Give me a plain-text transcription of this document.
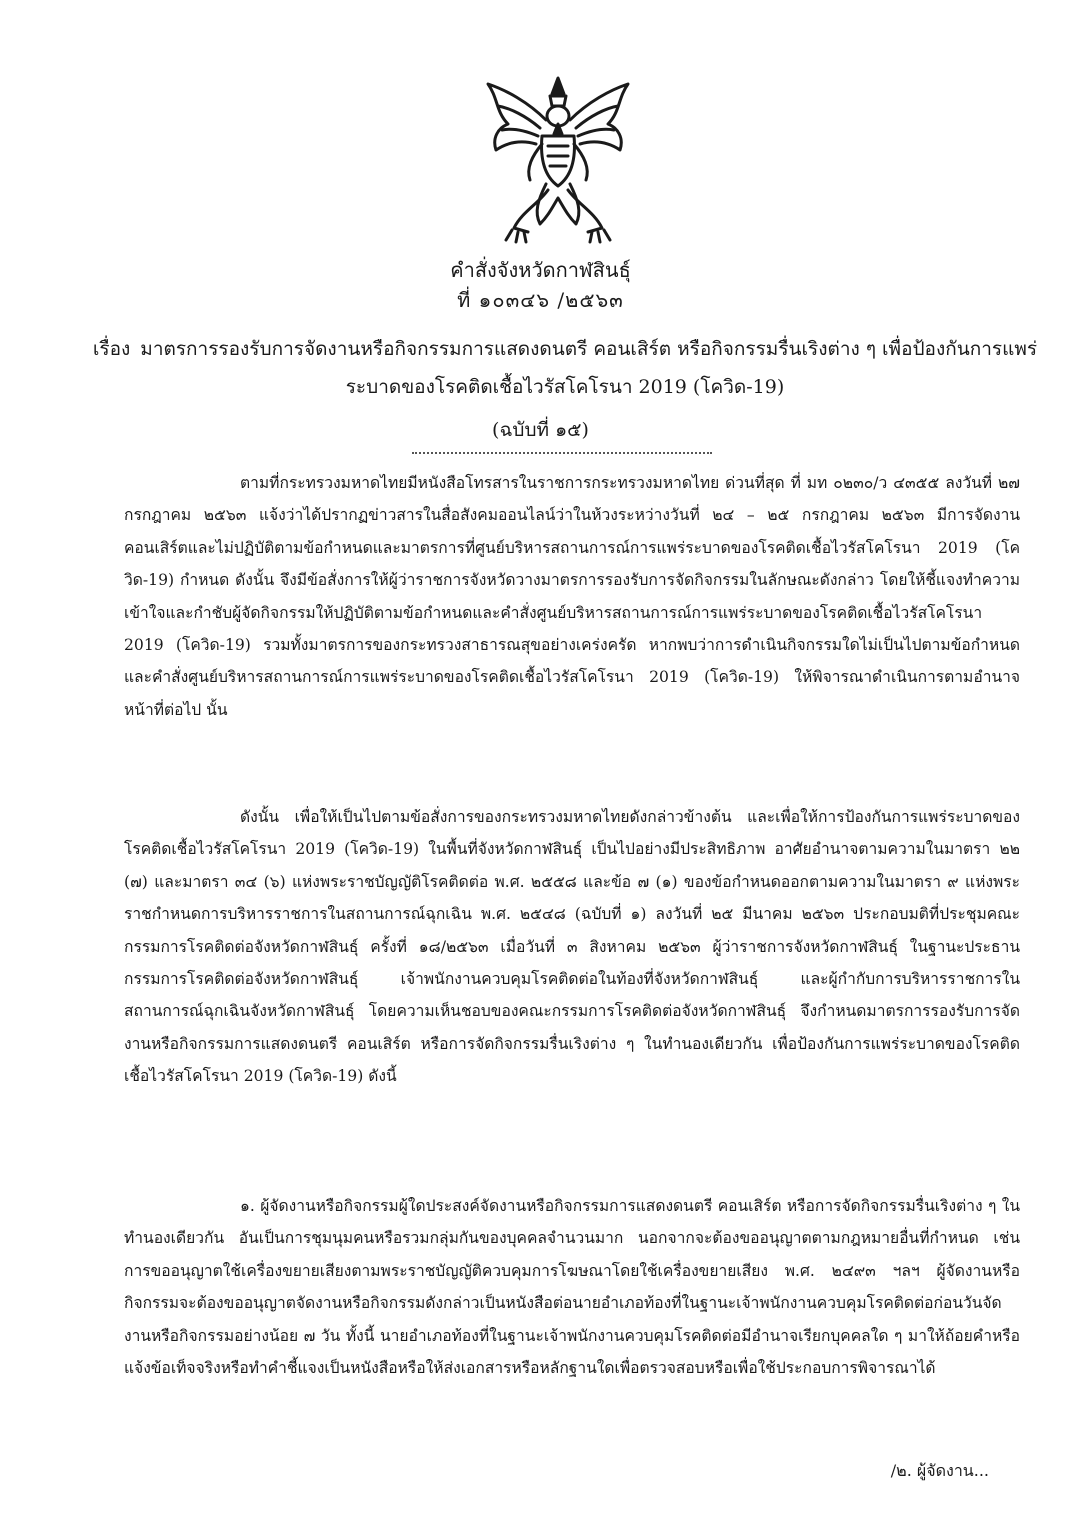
คำสั่งจังหวัดกาฬสินธุ์
ที่ ๑๐๓๔๖ /๒๕๖๓
เรื่อง มาตรการรองรับการจัดงานหรือกิจกรรมการแสดงดนตรี คอนเสิร์ต หรือกิจกรรมรื่นเริงต่าง ๆ เพื่อป้องกันการแพร่ระบาดของโรคติดเชื้อไวรัสโคโรนา 2019 (โควิด-19)
(ฉบับที่ ๑๕)

ตามที่กระทรวงมหาดไทยมีหนังสือโทรสารในราชการกระทรวงมหาดไทย ด่วนที่สุด ที่ มท ๐๒๓๐/ว ๔๓๕๕ ลงวันที่ ๒๗ กรกฎาคม ๒๕๖๓ แจ้งว่าได้ปรากฏข่าวสารในสื่อสังคมออนไลน์ว่าในห้วงระหว่างวันที่ ๒๔ – ๒๕ กรกฎาคม ๒๕๖๓ มีการจัดงานคอนเสิร์ตและไม่ปฏิบัติตามข้อกำหนดและมาตรการที่ศูนย์บริหารสถานการณ์การแพร่ระบาดของโรคติดเชื้อไวรัสโคโรนา 2019 (โควิด-19) กำหนด ดังนั้น จึงมีข้อสั่งการให้ผู้ว่าราชการจังหวัดวางมาตรการรองรับการจัดกิจกรรมในลักษณะดังกล่าว โดยให้ชี้แจงทำความเข้าใจและกำชับผู้จัดกิจกรรมให้ปฏิบัติตามข้อกำหนดและคำสั่งศูนย์บริหารสถานการณ์การแพร่ระบาดของโรคติดเชื้อไวรัสโคโรนา 2019 (โควิด-19) รวมทั้งมาตรการของกระทรวงสาธารณสุขอย่างเคร่งครัด หากพบว่าการดำเนินกิจกรรมใดไม่เป็นไปตามข้อกำหนดและคำสั่งศูนย์บริหารสถานการณ์การแพร่ระบาดของโรคติดเชื้อไวรัสโคโรนา 2019 (โควิด-19) ให้พิจารณาดำเนินการตามอำนาจหน้าที่ต่อไป นั้น

ดังนั้น เพื่อให้เป็นไปตามข้อสั่งการของกระทรวงมหาดไทยดังกล่าวข้างต้น และเพื่อให้การป้องกันการแพร่ระบาดของโรคติดเชื้อไวรัสโคโรนา 2019 (โควิด-19) ในพื้นที่จังหวัดกาฬสินธุ์ เป็นไปอย่างมีประสิทธิภาพ อาศัยอำนาจตามความในมาตรา ๒๒ (๗) และมาตรา ๓๔ (๖) แห่งพระราชบัญญัติโรคติดต่อ พ.ศ. ๒๕๕๘ และข้อ ๗ (๑) ของข้อกำหนดออกตามความในมาตรา ๙ แห่งพระราชกำหนดการบริหารราชการในสถานการณ์ฉุกเฉิน พ.ศ. ๒๕๔๘ (ฉบับที่ ๑) ลงวันที่ ๒๕ มีนาคม ๒๕๖๓ ประกอบมติที่ประชุมคณะกรรมการโรคติดต่อจังหวัดกาฬสินธุ์ ครั้งที่ ๑๘/๒๕๖๓ เมื่อวันที่ ๓ สิงหาคม ๒๕๖๓ ผู้ว่าราชการจังหวัดกาฬสินธุ์ ในฐานะประธานกรรมการโรคติดต่อจังหวัดกาฬสินธุ์ เจ้าพนักงานควบคุมโรคติดต่อในท้องที่จังหวัดกาฬสินธุ์ และผู้กำกับการบริหารราชการในสถานการณ์ฉุกเฉินจังหวัดกาฬสินธุ์ โดยความเห็นชอบของคณะกรรมการโรคติดต่อจังหวัดกาฬสินธุ์ จึงกำหนดมาตรการรองรับการจัดงานหรือกิจกรรมการแสดงดนตรี คอนเสิร์ต หรือการจัดกิจกรรมรื่นเริงต่าง ๆ ในทำนองเดียวกัน เพื่อป้องกันการแพร่ระบาดของโรคติดเชื้อไวรัสโคโรนา 2019 (โควิด-19) ดังนี้

๑. ผู้จัดงานหรือกิจกรรมผู้ใดประสงค์จัดงานหรือกิจกรรมการแสดงดนตรี คอนเสิร์ต หรือการจัดกิจกรรมรื่นเริงต่าง ๆ ในทำนองเดียวกัน อันเป็นการชุมนุมคนหรือรวมกลุ่มกันของบุคคลจำนวนมาก นอกจากจะต้องขออนุญาตตามกฎหมายอื่นที่กำหนด เช่น การขออนุญาตใช้เครื่องขยายเสียงตามพระราชบัญญัติควบคุมการโฆษณาโดยใช้เครื่องขยายเสียง พ.ศ. ๒๔๙๓ ฯลฯ ผู้จัดงานหรือกิจกรรมจะต้องขออนุญาตจัดงานหรือกิจกรรมดังกล่าวเป็นหนังสือต่อนายอำเภอท้องที่ในฐานะเจ้าพนักงานควบคุมโรคติดต่อก่อนวันจัดงานหรือกิจกรรมอย่างน้อย ๗ วัน ทั้งนี้ นายอำเภอท้องที่ในฐานะเจ้าพนักงานควบคุมโรคติดต่อมีอำนาจเรียกบุคคลใด ๆ มาให้ถ้อยคำหรือแจ้งข้อเท็จจริงหรือทำคำชี้แจงเป็นหนังสือหรือให้ส่งเอกสารหรือหลักฐานใดเพื่อตรวจสอบหรือเพื่อใช้ประกอบการพิจารณาได้

/๒. ผู้จัดงาน...
